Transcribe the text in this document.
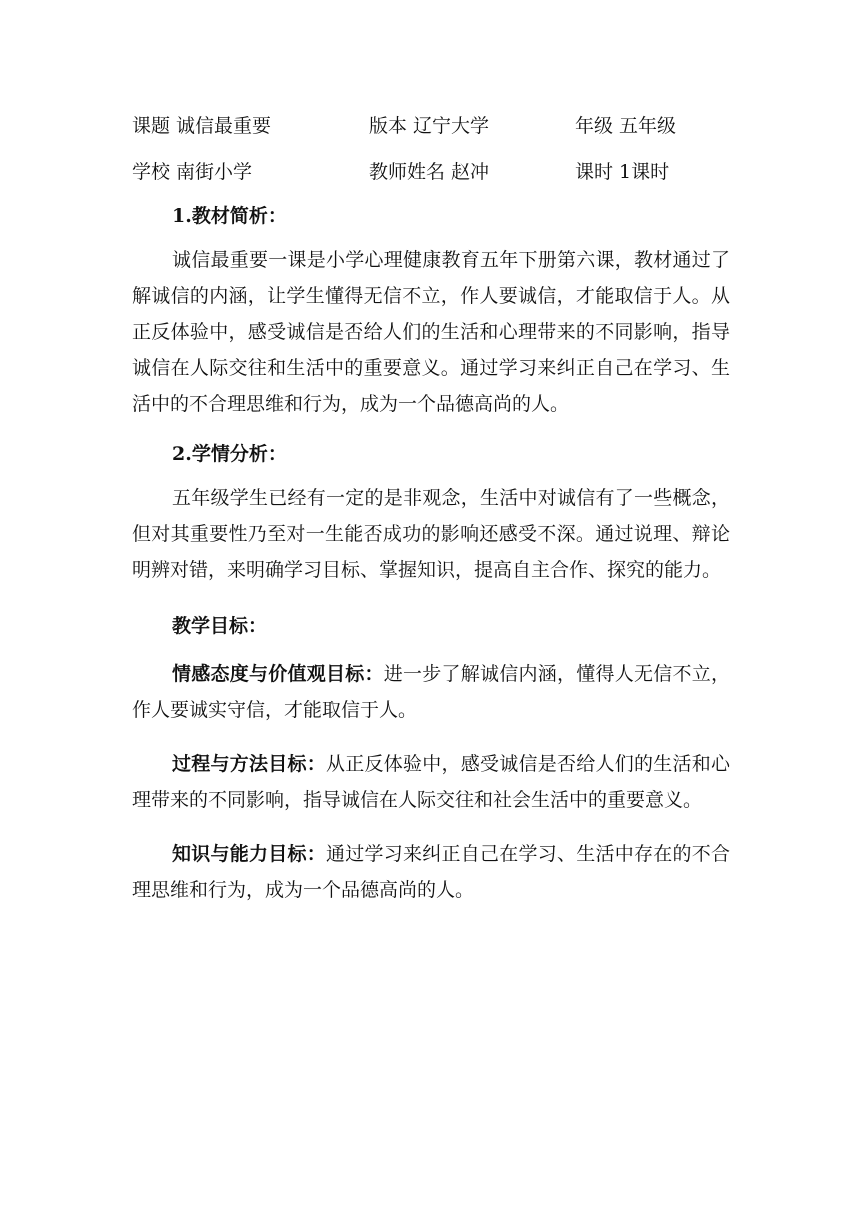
课题 诚信最重要	版本 辽宁大学	年级 五年级
学校 南街小学	教师姓名 赵冲	课时 1课时

1.教材简析：

诚信最重要一课是小学心理健康教育五年下册第六课，教材通过了解诚信的内涵，让学生懂得无信不立，作人要诚信，才能取信于人。从正反体验中，感受诚信是否给人们的生活和心理带来的不同影响，指导诚信在人际交往和生活中的重要意义。通过学习来纠正自己在学习、生活中的不合理思维和行为，成为一个品德高尚的人。

2.学情分析：

五年级学生已经有一定的是非观念，生活中对诚信有了一些概念，但对其重要性乃至对一生能否成功的影响还感受不深。通过说理、辩论明辨对错，来明确学习目标、掌握知识，提高自主合作、探究的能力。

教学目标：

情感态度与价值观目标：进一步了解诚信内涵，懂得人无信不立，作人要诚实守信，才能取信于人。

过程与方法目标：从正反体验中，感受诚信是否给人们的生活和心理带来的不同影响，指导诚信在人际交往和社会生活中的重要意义。

知识与能力目标：通过学习来纠正自己在学习、生活中存在的不合理思维和行为，成为一个品德高尚的人。
